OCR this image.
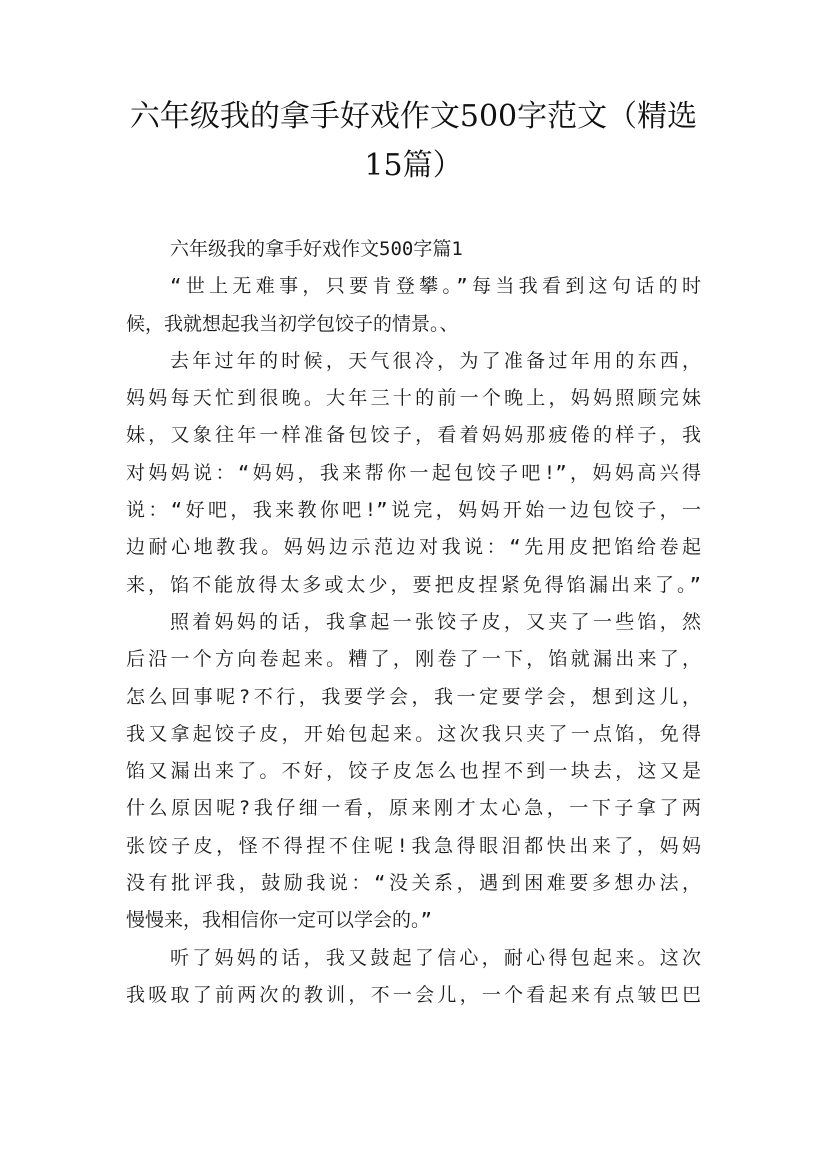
六年级我的拿手好戏作文500字范文（精选
15篇）
六年级我的拿手好戏作文500字篇1
“世上无难事，只要肯登攀。”每当我看到这句话的时
候，我就想起我当初学包饺子的情景。、
去年过年的时候，天气很冷，为了准备过年用的东西，
妈妈每天忙到很晚。大年三十的前一个晚上，妈妈照顾完妹
妹，又象往年一样准备包饺子，看着妈妈那疲倦的样子，我
对妈妈说：“妈妈，我来帮你一起包饺子吧!”，妈妈高兴得
说：“好吧，我来教你吧!”说完，妈妈开始一边包饺子，一
边耐心地教我。妈妈边示范边对我说：“先用皮把馅给卷起
来，馅不能放得太多或太少，要把皮捏紧免得馅漏出来了。”
照着妈妈的话，我拿起一张饺子皮，又夹了一些馅，然
后沿一个方向卷起来。糟了，刚卷了一下，馅就漏出来了，
怎么回事呢?不行，我要学会，我一定要学会，想到这儿，
我又拿起饺子皮，开始包起来。这次我只夹了一点馅，免得
馅又漏出来了。不好，饺子皮怎么也捏不到一块去，这又是
什么原因呢?我仔细一看，原来刚才太心急，一下子拿了两
张饺子皮，怪不得捏不住呢!我急得眼泪都快出来了，妈妈
没有批评我，鼓励我说：“没关系，遇到困难要多想办法，
慢慢来，我相信你一定可以学会的。”
听了妈妈的话，我又鼓起了信心，耐心得包起来。这次
我吸取了前两次的教训，不一会儿，一个看起来有点皱巴巴
